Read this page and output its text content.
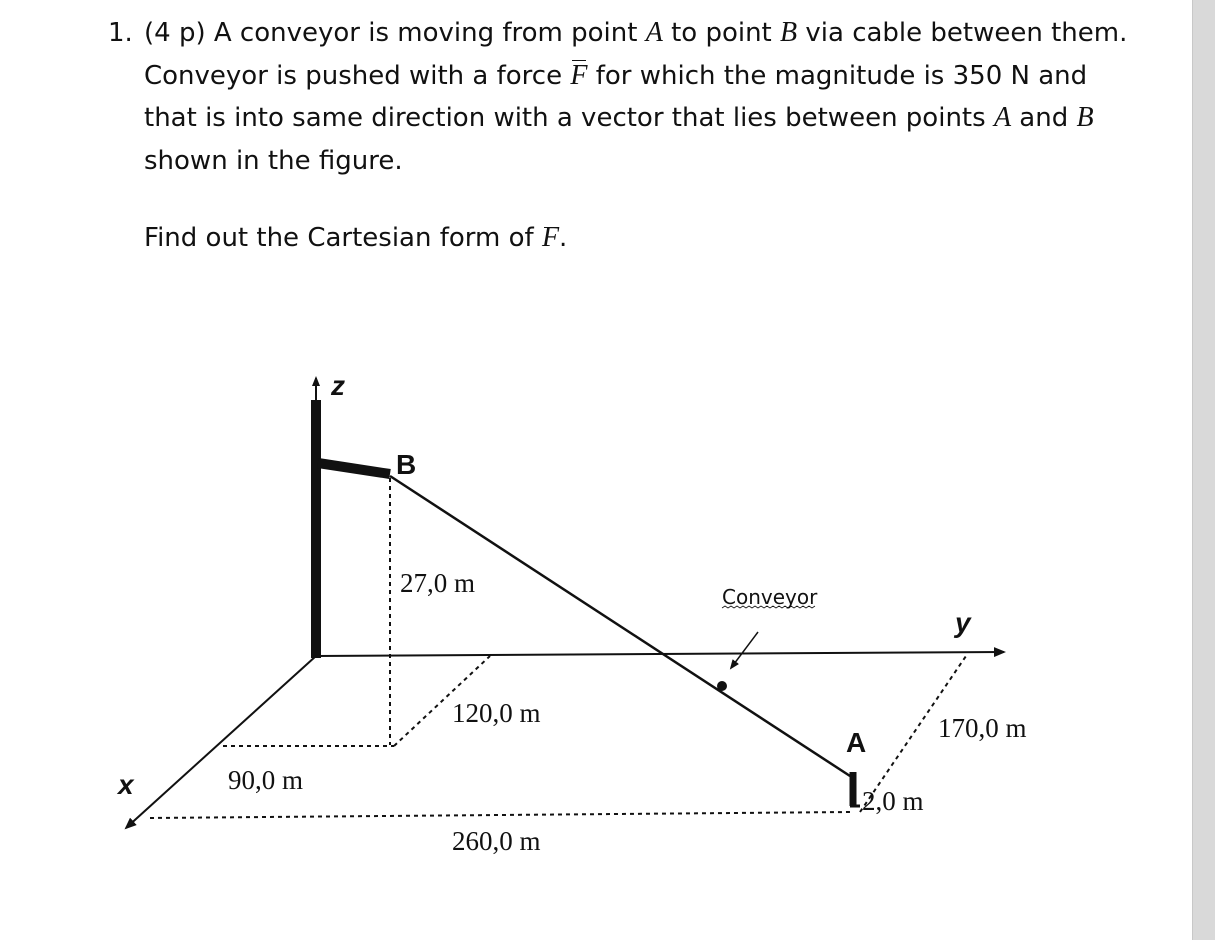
1. (4 p) A conveyor is moving from point A to point B via cable between them.
Conveyor is pushed with a force F for which the magnitude is 350 N and
that is into same direction with a vector that lies between points A and B
shown in the figure.
Find out the Cartesian form of F.
z
y
x
B
A
Conveyor
27,0 m
120,0 m	170,0 m
90,0 m
260,0 m
2,0 m
